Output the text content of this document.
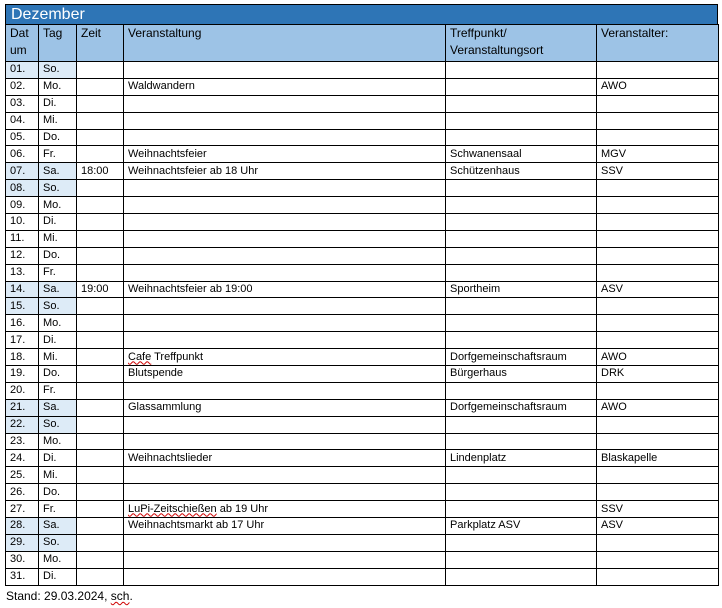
Dezember
Dat um	Tag	Zeit	Veranstaltung	Treffpunkt/ Veranstaltungsort	Veranstalter:
01.	So.				
02.	Mo.		Waldwandern		AWO
03.	Di.				
04.	Mi.				
05.	Do.				
06.	Fr.		Weihnachtsfeier	Schwanensaal	MGV
07.	Sa.	18:00	Weihnachtsfeier ab 18 Uhr	Schützenhaus	SSV
08.	So.				
09.	Mo.				
10.	Di.				
11.	Mi.				
12.	Do.				
13.	Fr.				
14.	Sa.	19:00	Weihnachtsfeier ab 19:00	Sportheim	ASV
15.	So.				
16.	Mo.				
17.	Di.				
18.	Mi.		Cafe Treffpunkt	Dorfgemeinschaftsraum	AWO
19.	Do.		Blutspende	Bürgerhaus	DRK
20.	Fr.				
21.	Sa.		Glassammlung	Dorfgemeinschaftsraum	AWO
22.	So.				
23.	Mo.				
24.	Di.		Weihnachtslieder	Lindenplatz	Blaskapelle
25.	Mi.				
26.	Do.				
27.	Fr.		LuPi-Zeitschießen ab 19 Uhr		SSV
28.	Sa.		Weihnachtsmarkt ab 17 Uhr	Parkplatz ASV	ASV
29.	So.				
30.	Mo.				
31.	Di.				
Stand: 29.03.2024, sch.
